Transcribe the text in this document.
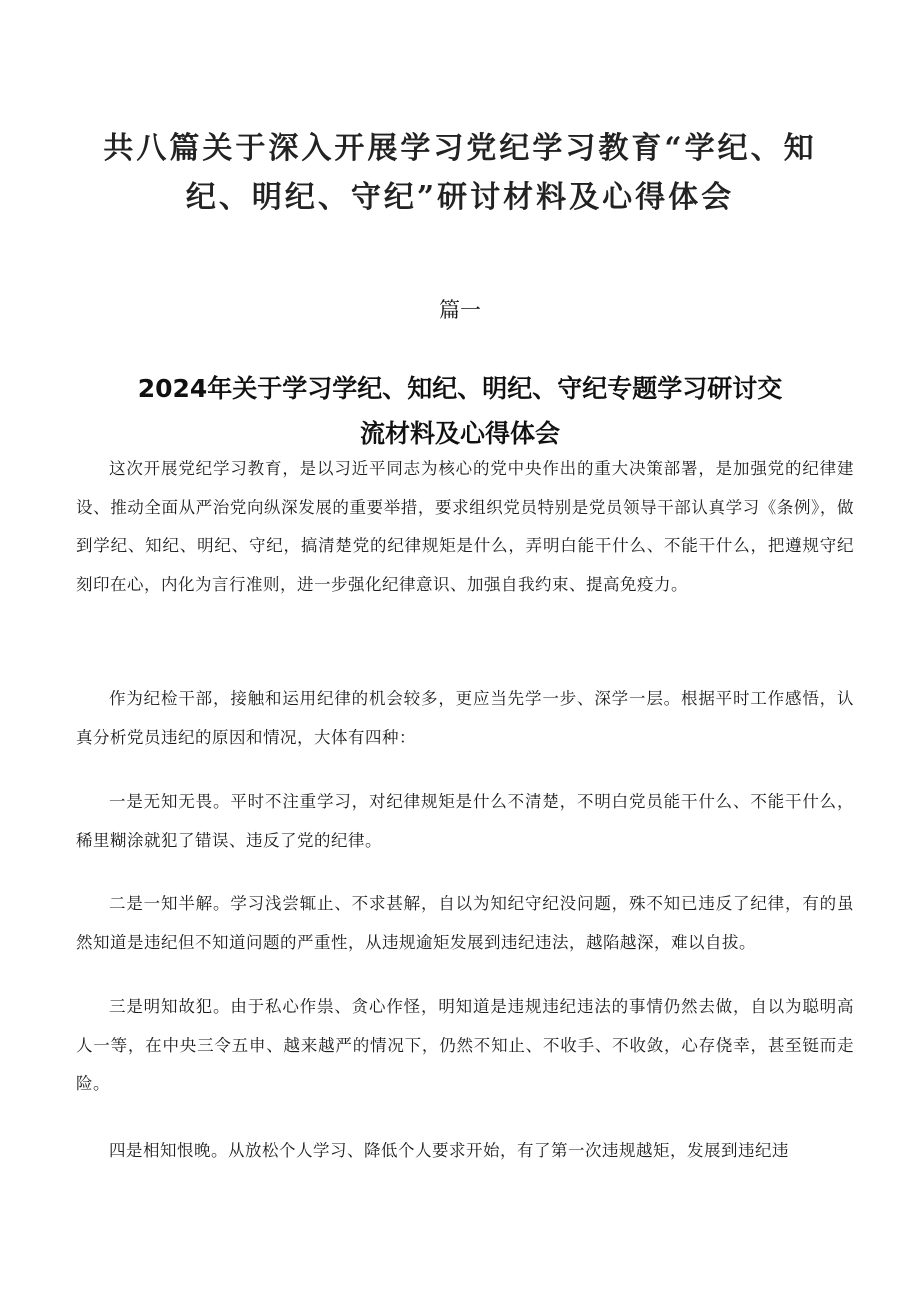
共八篇关于深入开展学习党纪学习教育“学纪、知
纪、明纪、守纪”研讨材料及心得体会
篇一
2024年关于学习学纪、知纪、明纪、守纪专题学习研讨交
流材料及心得体会

这次开展党纪学习教育，是以习近平同志为核心的党中央作出的重大决策部署，是加强党的纪律建设、推动全面从严治党向纵深发展的重要举措，要求组织党员特别是党员领导干部认真学习《条例》，做到学纪、知纪、明纪、守纪，搞清楚党的纪律规矩是什么，弄明白能干什么、不能干什么，把遵规守纪刻印在心，内化为言行准则，进一步强化纪律意识、加强自我约束、提高免疫力。

作为纪检干部，接触和运用纪律的机会较多，更应当先学一步、深学一层。根据平时工作感悟，认真分析党员违纪的原因和情况，大体有四种：

一是无知无畏。平时不注重学习，对纪律规矩是什么不清楚，不明白党员能干什么、不能干什么，稀里糊涂就犯了错误、违反了党的纪律。

二是一知半解。学习浅尝辄止、不求甚解，自以为知纪守纪没问题，殊不知已违反了纪律，有的虽然知道是违纪但不知道问题的严重性，从违规逾矩发展到违纪违法，越陷越深，难以自拔。

三是明知故犯。由于私心作祟、贪心作怪，明知道是违规违纪违法的事情仍然去做，自以为聪明高人一等，在中央三令五申、越来越严的情况下，仍然不知止、不收手、不收敛，心存侥幸，甚至铤而走险。

四是相知恨晚。从放松个人学习、降低个人要求开始，有了第一次违规越矩，发展到违纪违
